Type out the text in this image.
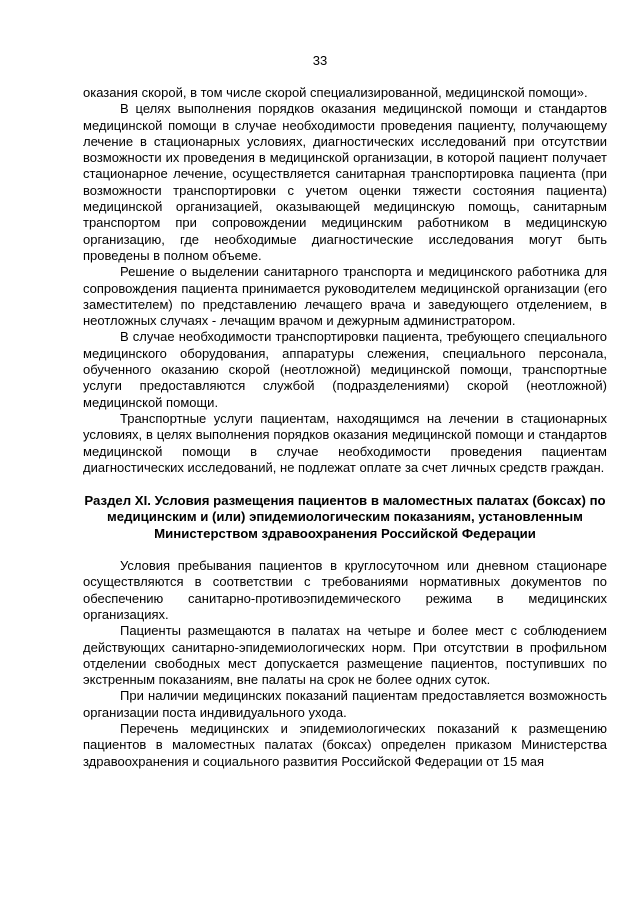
33

оказания скорой, в том числе скорой специализированной, медицинской помощи».

В целях выполнения порядков оказания медицинской помощи и стандартов медицинской помощи в случае необходимости проведения пациенту, получающему лечение в стационарных условиях, диагностических исследований при отсутствии возможности их проведения в медицинской организации, в которой пациент получает стационарное лечение, осуществляется санитарная транспортировка пациента (при возможности транспортировки с учетом оценки тяжести состояния пациента) медицинской организацией, оказывающей медицинскую помощь, санитарным транспортом при сопровождении медицинским работником в медицинскую организацию, где необходимые диагностические исследования могут быть проведены в полном объеме.

Решение о выделении санитарного транспорта и медицинского работника для сопровождения пациента принимается руководителем медицинской организации (его заместителем) по представлению лечащего врача и заведующего отделением, в неотложных случаях - лечащим врачом и дежурным администратором.

В случае необходимости транспортировки пациента, требующего специального медицинского оборудования, аппаратуры слежения, специального персонала, обученного оказанию скорой (неотложной) медицинской помощи, транспортные услуги предоставляются службой (подразделениями) скорой (неотложной) медицинской помощи.

Транспортные услуги пациентам, находящимся на лечении в стационарных условиях, в целях выполнения порядков оказания медицинской помощи и стандартов медицинской помощи в случае необходимости проведения пациентам диагностических исследований, не подлежат оплате за счет личных средств граждан.

Раздел XI. Условия размещения пациентов в маломестных палатах (боксах) по медицинским и (или) эпидемиологическим показаниям, установленным Министерством здравоохранения Российской Федерации

Условия пребывания пациентов в круглосуточном или дневном стационаре осуществляются в соответствии с требованиями нормативных документов по обеспечению санитарно-противоэпидемического режима в медицинских организациях.

Пациенты размещаются в палатах на четыре и более мест с соблюдением действующих санитарно-эпидемиологических норм. При отсутствии в профильном отделении свободных мест допускается размещение пациентов, поступивших по экстренным показаниям, вне палаты на срок не более одних суток.

При наличии медицинских показаний пациентам предоставляется возможность организации поста индивидуального ухода.

Перечень медицинских и эпидемиологических показаний к размещению пациентов в маломестных палатах (боксах) определен приказом Министерства здравоохранения и социального развития Российской Федерации от 15 мая
